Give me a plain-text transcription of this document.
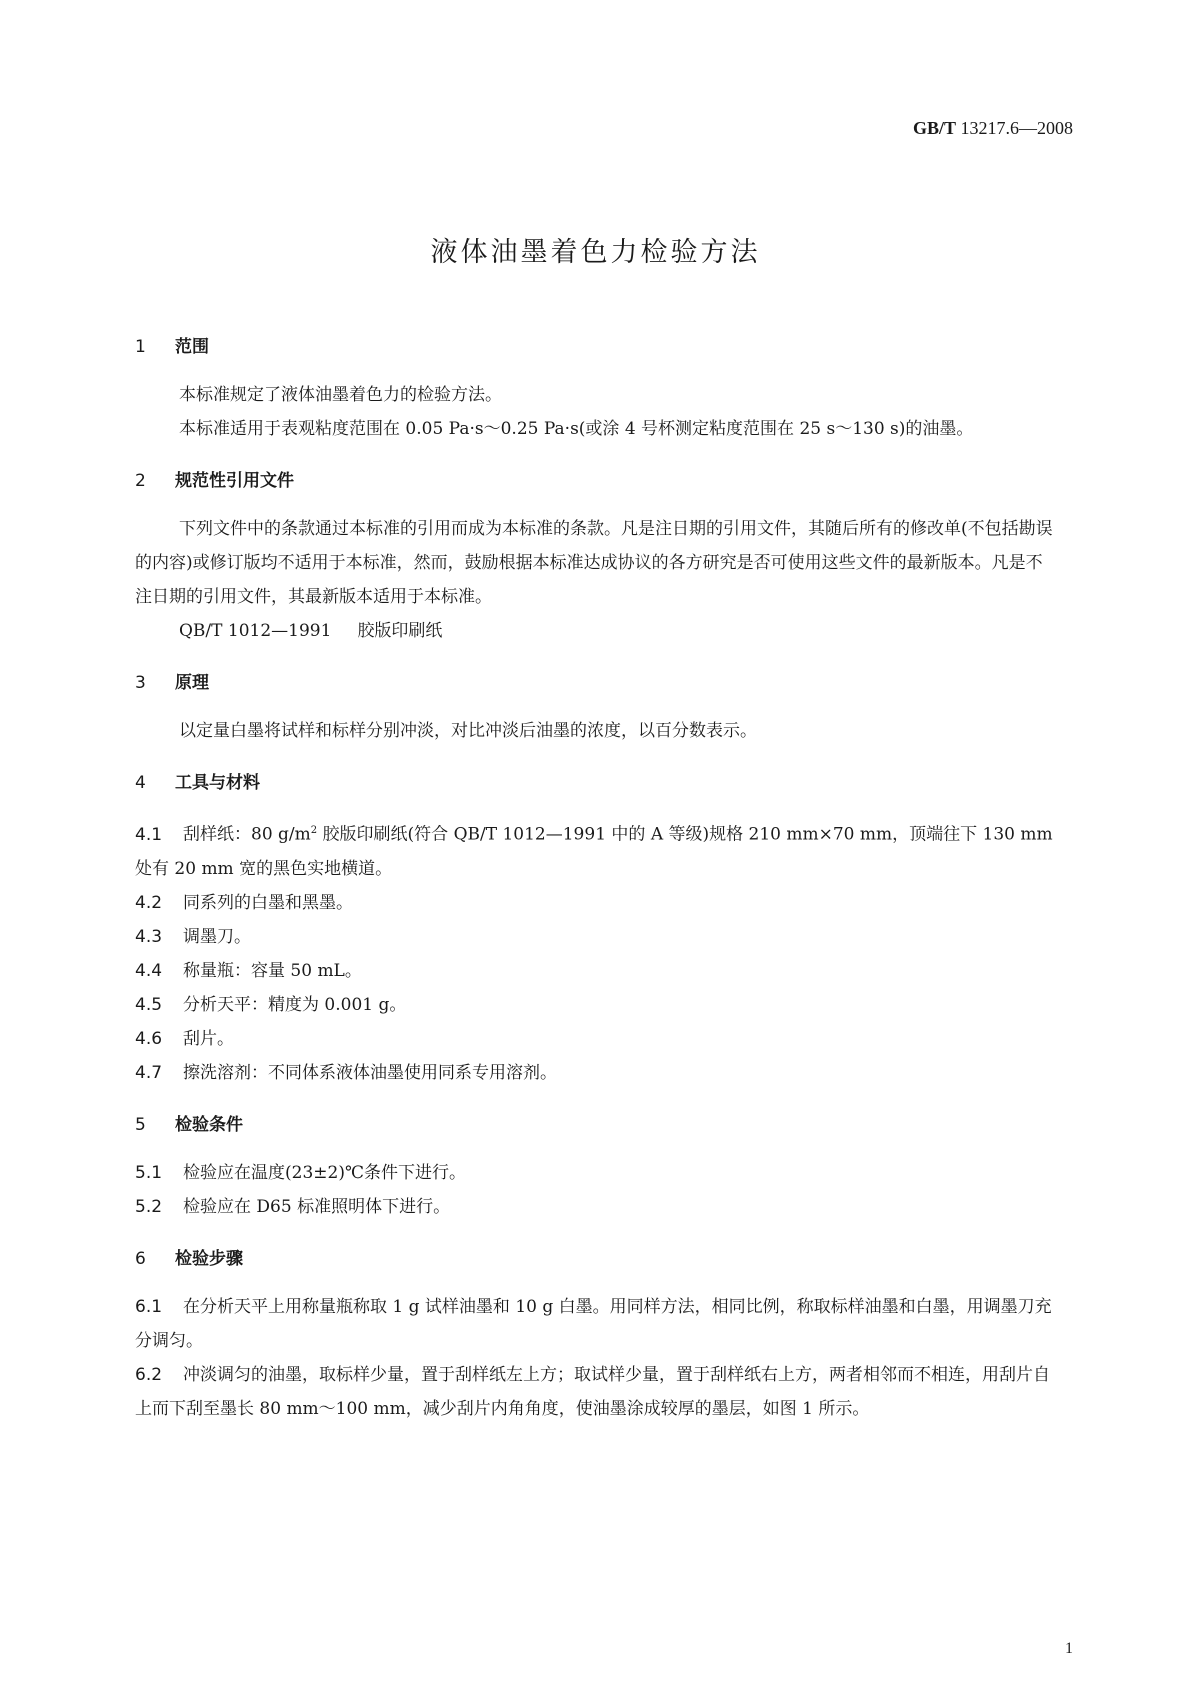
GB/T 13217.6—2008
液体油墨着色力检验方法
1 范围

本标准规定了液体油墨着色力的检验方法。

本标准适用于表观粘度范围在 0.05 Pa·s～0.25 Pa·s(或涂 4 号杯测定粘度范围在 25 s～130 s)的油墨。

2 规范性引用文件

下列文件中的条款通过本标准的引用而成为本标准的条款。凡是注日期的引用文件，其随后所有的修改单(不包括勘误的内容)或修订版均不适用于本标准，然而，鼓励根据本标准达成协议的各方研究是否可使用这些文件的最新版本。凡是不注日期的引用文件，其最新版本适用于本标准。

QB/T 1012—1991 胶版印刷纸

3 原理

以定量白墨将试样和标样分别冲淡，对比冲淡后油墨的浓度，以百分数表示。

4 工具与材料

4.1 刮样纸：80 $g/m^2$ 胶版印刷纸(符合 QB/T 1012—1991 中的 A 等级)规格 210 mm×70 mm，顶端往下 130 mm 处有 20 mm 宽的黑色实地横道。

4.2 同系列的白墨和黑墨。

4.3 调墨刀。

4.4 称量瓶：容量 50 mL。

4.5 分析天平：精度为 0.001 g。

4.6 刮片。

4.7 擦洗溶剂：不同体系液体油墨使用同系专用溶剂。

5 检验条件

5.1 检验应在温度(23±2)℃条件下进行。

5.2 检验应在 D65 标准照明体下进行。

6 检验步骤

6.1 在分析天平上用称量瓶称取 1 g 试样油墨和 10 g 白墨。用同样方法，相同比例，称取标样油墨和白墨，用调墨刀充分调匀。

6.2 冲淡调匀的油墨，取标样少量，置于刮样纸左上方；取试样少量，置于刮样纸右上方，两者相邻而不相连，用刮片自上而下刮至墨长 80 mm～100 mm，减少刮片内角角度，使油墨涂成较厚的墨层，如图 1 所示。

1
